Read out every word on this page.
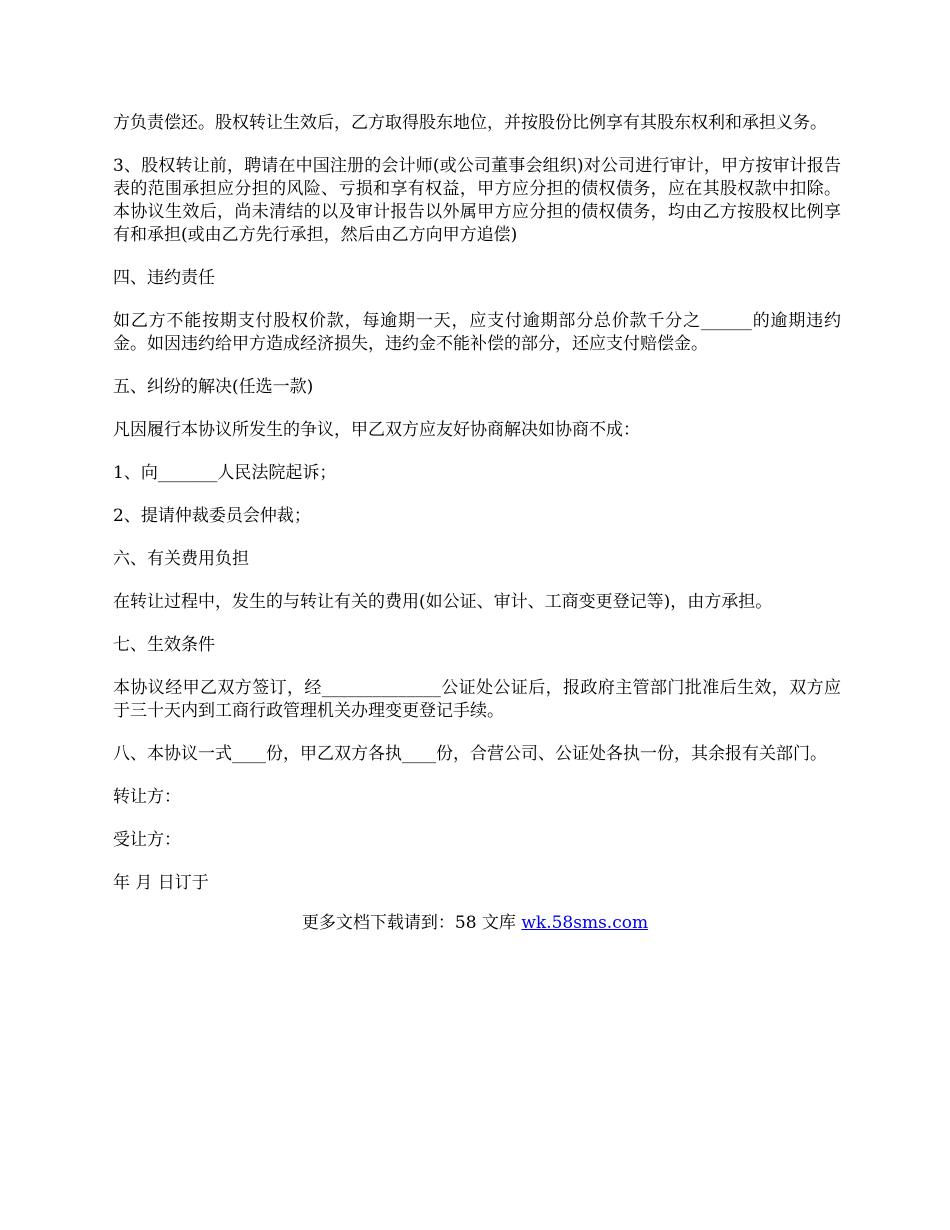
方负责偿还。股权转让生效后，乙方取得股东地位，并按股份比例享有其股东权利和承担义务。

3、股权转让前，聘请在中国注册的会计师(或公司董事会组织)对公司进行审计，甲方按审计报告表的范围承担应分担的风险、亏损和享有权益，甲方应分担的债权债务，应在其股权款中扣除。本协议生效后，尚未清结的以及审计报告以外属甲方应分担的债权债务，均由乙方按股权比例享有和承担(或由乙方先行承担，然后由乙方向甲方追偿)

四、违约责任

如乙方不能按期支付股权价款，每逾期一天，应支付逾期部分总价款千分之______的逾期违约金。如因违约给甲方造成经济损失，违约金不能补偿的部分，还应支付赔偿金。

五、纠纷的解决(任选一款)

凡因履行本协议所发生的争议，甲乙双方应友好协商解决如协商不成：

1、向_______人民法院起诉；

2、提请仲裁委员会仲裁；

六、有关费用负担

在转让过程中，发生的与转让有关的费用(如公证、审计、工商变更登记等)，由方承担。

七、生效条件

本协议经甲乙双方签订，经______________公证处公证后，报政府主管部门批准后生效，双方应于三十天内到工商行政管理机关办理变更登记手续。

八、本协议一式____份，甲乙双方各执____份，合营公司、公证处各执一份，其余报有关部门。

转让方：

受让方：

年 月 日订于

更多文档下载请到：58 文库 wk.58sms.com
